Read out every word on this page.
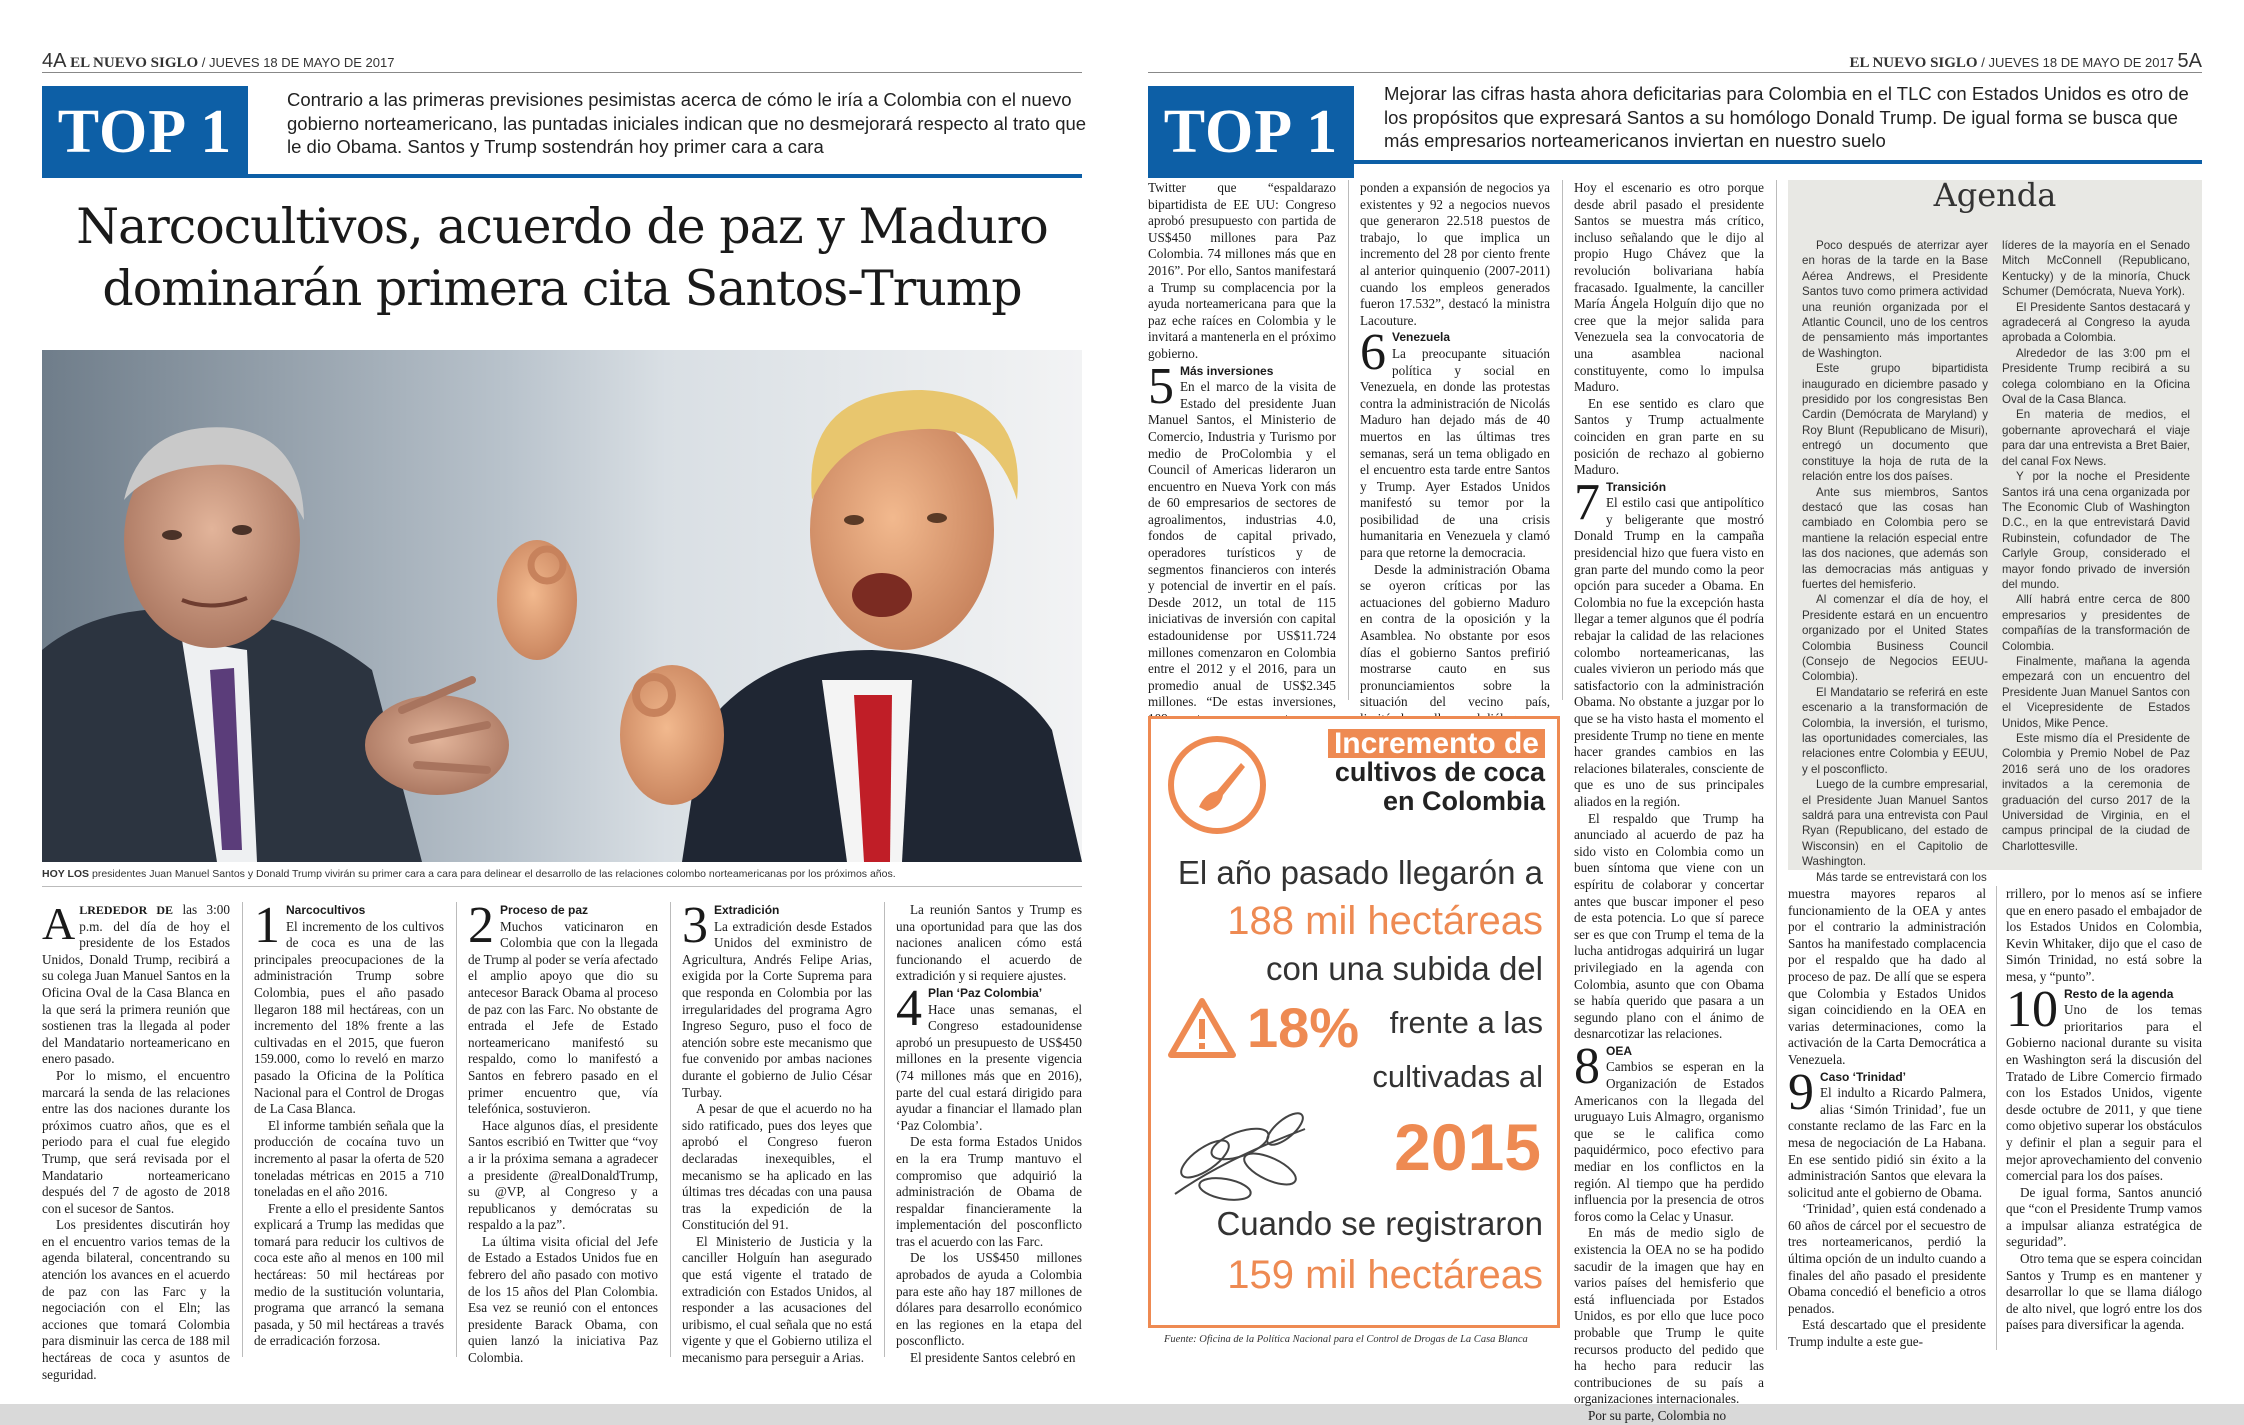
4A EL NUEVO SIGLO / JUEVES 18 DE MAYO DE 2017
TOP 1	Contrario a las primeras previsiones pesimistas acerca de cómo le iría a Colombia con el nuevo gobierno norteamericano, las puntadas iniciales indican que no desmejorará respecto al trato que le dio Obama. Santos y Trump sostendrán hoy primer cara a cara
Narcocultivos, acuerdo de paz y Maduro
dominarán primera cita Santos-Trump
HOY LOS presidentes Juan Manuel Santos y Donald Trump vivirán su primer cara a cara para delinear el desarrollo de las relaciones colombo norteamericanas por los próximos años.

ALREDEDOR DE las 3:00 p.m. del día de hoy el presidente de los Estados Unidos, Donald Trump, recibirá a su colega Juan Manuel Santos en la Oficina Oval de la Casa Blanca en la que será la primera reunión que sostienen tras la llegada al poder del Mandatario norteamericano en enero pasado.

Por lo mismo, el encuentro marcará la senda de las relaciones entre las dos naciones durante los próximos cuatro años, que es el periodo para el cual fue elegido Trump, que será revisada por el Mandatario norteamericano después del 7 de agosto de 2018 con el sucesor de Santos.

Los presidentes discutirán hoy en el encuentro varios temas de la agenda bilateral, concentrando su atención los avances en el acuerdo de paz con las Farc y la negociación con el Eln; las acciones que tomará Colombia para disminuir las cerca de 188 mil hectáreas de coca y asuntos de seguridad.

1 Narcocultivos
El incremento de los cultivos de coca es una de las principales preocupaciones de la administración Trump sobre Colombia, pues el año pasado llegaron 188 mil hectáreas, con un incremento del 18% frente a las cultivadas en el 2015, que fueron 159.000, como lo reveló en marzo pasado la Oficina de la Política Nacional para el Control de Drogas de La Casa Blanca.

El informe también señala que la producción de cocaína tuvo un incremento al pasar la oferta de 520 toneladas métricas en 2015 a 710 toneladas en el año 2016.

Frente a ello el presidente Santos explicará a Trump las medidas que tomará para reducir los cultivos de coca este año al menos en 100 mil hectáreas: 50 mil hectáreas por medio de la sustitución voluntaria, programa que arrancó la semana pasada, y 50 mil hectáreas a través de erradicación forzosa.

2 Proceso de paz
Muchos vaticinaron en Colombia que con la llegada de Trump al poder se vería afectado el amplio apoyo que dio su antecesor Barack Obama al proceso de paz con las Farc. No obstante de entrada el Jefe de Estado norteamericano manifestó su respaldo, como lo manifestó a Santos en febrero pasado en el primer encuentro que, vía telefónica, sostuvieron.

Hace algunos días, el presidente Santos escribió en Twitter que “voy a ir la próxima semana a agradecer a presidente @realDonaldTrump, su @VP, al Congreso y a republicanos y demócratas su respaldo a la paz”.

La última visita oficial del Jefe de Estado a Estados Unidos fue en febrero del año pasado con motivo de los 15 años del Plan Colombia. Esa vez se reunió con el entonces presidente Barack Obama, con quien lanzó la iniciativa Paz Colombia.

3 Extradición
La extradición desde Estados Unidos del exministro de Agricultura, Andrés Felipe Arias, exigida por la Corte Suprema para que responda en Colombia por las irregularidades del programa Agro Ingreso Seguro, puso el foco de atención sobre este mecanismo que fue convenido por ambas naciones durante el gobierno de Julio César Turbay.

A pesar de que el acuerdo no ha sido ratificado, pues dos leyes que aprobó el Congreso fueron declaradas inexequibles, el mecanismo se ha aplicado en las últimas tres décadas con una pausa tras la expedición de la Constitución del 91.

El Ministerio de Justicia y la canciller Holguín han asegurado que está vigente el tratado de extradición con Estados Unidos, al responder a las acusaciones del uribismo, el cual señala que no está vigente y que el Gobierno utiliza el mecanismo para perseguir a Arias.

La reunión Santos y Trump es una oportunidad para que las dos naciones analicen cómo está funcionando el acuerdo de extradición y si requiere ajustes.

4 Plan ‘Paz Colombia’
Hace unas semanas, el Congreso estadounidense aprobó un presupuesto de US$450 millones en la presente vigencia (74 millones más que en 2016), parte del cual estará dirigido para ayudar a financiar el llamado plan ‘Paz Colombia’.

De esta forma Estados Unidos en la era Trump mantuvo el compromiso que adquirió la administración de Obama de respaldar financieramente la implementación del posconflicto tras el acuerdo con las Farc.

De los US$450 millones aprobados de ayuda a Colombia para este año hay 187 millones de dólares para desarrollo económico en las regiones en la etapa del posconflicto.

El presidente Santos celebró en

EL NUEVO SIGLO / JUEVES 18 DE MAYO DE 2017 5A
TOP 1
Mejorar las cifras hasta ahora deficitarias para Colombia en el TLC con Estados Unidos es otro de los propósitos que expresará Santos a su homólogo Donald Trump. De igual forma se busca que más empresarios norteamericanos inviertan en nuestro suelo

Twitter que “espaldarazo bipartidista de EE UU: Congreso aprobó presupuesto con partida de US$450 millones para Paz Colombia. 74 millones más que en 2016”. Por ello, Santos manifestará a Trump su complacencia por la ayuda norteamericana para que la paz eche raíces en Colombia y le invitará a mantenerla en el próximo gobierno.

5 Más inversiones
En el marco de la visita de Estado del presidente Juan Manuel Santos, el Ministerio de Comercio, Industria y Turismo por medio de ProColombia y el Council of Americas lideraron un encuentro en Nueva York con más de 60 empresarios de sectores de agroalimentos, industrias 4.0, fondos de capital privado, operadores turísticos y de segmentos financieros con interés y potencial de invertir en el país. Desde 2012, un total de 115 iniciativas de inversión con capital estadounidense por US$11.724 millones comenzaron en Colombia entre el 2012 y el 2016, para un promedio anual de US$2.345 millones. “De estas inversiones,

ponden a expansión de negocios ya existentes y 92 a negocios nuevos que generaron 22.518 puestos de trabajo, lo que implica un incremento del 28 por ciento frente al anterior quinquenio (2007-2011) cuando los empleos generados fueron 17.532”, destacó la ministra Lacouture.

6 Venezuela
La preocupante situación política y social en Venezuela, en donde las protestas contra la administración de Nicolás Maduro han dejado más de 40 muertos en las últimas tres semanas, será un tema obligado en el encuentro esta tarde entre Santos y Trump. Ayer Estados Unidos manifestó su temor por la posibilidad de una crisis humanitaria en Venezuela y clamó para que retorne la democracia.

Desde la administración Obama se oyeron críticas por las actuaciones del gobierno Maduro en contra de la oposición y la Asamblea. No obstante por esos días el gobierno Santos prefirió mostrarse cauto en sus pronunciamientos sobre la situación del vecino país,

Incremento de
cultivos de coca
en Colombia
El año pasado llegarón a
188 mil hectáreas
con una subida del
18% frente a las
cultivadas al
2015
Cuando se registraron
159 mil hectáreas
Fuente: Oficina de la Política Nacional para el Control de Drogas de La Casa Blanca

Hoy el escenario es otro porque desde abril pasado el presidente Santos se muestra más crítico, incluso señalando que le dijo al propio Hugo Chávez que la revolución bolivariana había fracasado. Igualmente, la canciller María Ángela Holguín dijo que no cree que la mejor salida para Venezuela sea la convocatoria de una asamblea nacional constituyente, como lo impulsa Maduro.

En ese sentido es claro que Santos y Trump actualmente coinciden en gran parte en su posición de rechazo al gobierno Maduro.

7 Transición
El estilo casi que antipolítico y beligerante que mostró Donald Trump en la campaña presidencial hizo que fuera visto en gran parte del mundo como la peor opción para suceder a Obama. En Colombia no fue la excepción hasta llegar a temer algunos que él podría rebajar la calidad de las relaciones colombo norteamericanas, las cuales vivieron un periodo más que satisfactorio con la administración Obama. No obstante a juzgar por lo que se ha visto hasta el momento el presidente Trump no tiene en mente hacer grandes cambios en las relaciones bilaterales, consciente de que es uno de sus principales aliados en la región.

El respaldo que Trump ha anunciado al acuerdo de paz ha sido visto en Colombia como un buen síntoma que viene con un espíritu de colaborar y concertar antes que buscar imponer el peso de esta potencia. Lo que sí parece ser es que con Trump el tema de la lucha antidrogas adquirirá un lugar privilegiado en la agenda con Colombia, asunto que con Obama se había querido que pasara a un segundo plano con el ánimo de desnarcotizar las relaciones.

8 OEA
Cambios se esperan en la Organización de Estados Americanos con la llegada del uruguayo Luis Almagro, organismo que se le califica como paquidérmico, poco efectivo para mediar en los conflictos en la región. Al tiempo que ha perdido influencia por la presencia de otros foros como la Celac y Unasur.

En más de medio siglo de existencia la OEA no se ha podido sacudir de la imagen que hay en varios países del hemisferio que está influenciada por Estados Unidos, es por ello que luce poco probable que Trump le quite recursos producto del pedido que ha hecho para reducir las contribuciones de su país a organizaciones internacionales.

Por su parte, Colombia no

Agenda

Poco después de aterrizar ayer en horas de la tarde en la Base Aérea Andrews, el Presidente Santos tuvo como primera actividad una reunión organizada por el Atlantic Council, uno de los centros de pensamiento más importantes de Washington.

Este grupo bipartidista inaugurado en diciembre pasado y presidido por los congresistas Ben Cardin (Demócrata de Maryland) y Roy Blunt (Republicano de Misuri), entregó un documento que constituye la hoja de ruta de la relación entre los dos países.

Ante sus miembros, Santos destacó que las cosas han cambiado en Colombia pero se mantiene la relación especial entre las dos naciones, que además son las democracias más antiguas y fuertes del hemisferio.

Al comenzar el día de hoy, el Presidente estará en un encuentro organizado por el United States Colombia Business Council (Consejo de Negocios EEUU-Colombia).

El Mandatario se referirá en este escenario a la transformación de Colombia, la inversión, el turismo, las oportunidades comerciales, las relaciones entre Colombia y EEUU, y el posconflicto.

Luego de la cumbre empresarial, el Presidente Juan Manuel Santos saldrá para una entrevista con Paul Ryan (Republicano, del estado de Wisconsin) en el Capitolio de Washington.

Más tarde se entrevistará con los

líderes de la mayoría en el Senado Mitch McConnell (Republicano, Kentucky) y de la minoría, Chuck Schumer (Demócrata, Nueva York).

El Presidente Santos destacará y agradecerá al Congreso la ayuda aprobada a Colombia.

Alrededor de las 3:00 pm el Presidente Trump recibirá a su colega colombiano en la Oficina Oval de la Casa Blanca.

En materia de medios, el gobernante aprovechará el viaje para dar una entrevista a Bret Baier, del canal Fox News.

Y por la noche el Presidente Santos irá una cena organizada por The Economic Club of Washington D.C., en la que entrevistará David Rubinstein, cofundador de The Carlyle Group, considerado el mayor fondo privado de inversión del mundo.

Allí habrá entre cerca de 800 empresarios y presidentes de compañías de la transformación de Colombia.

Finalmente, mañana la agenda empezará con un encuentro del Presidente Juan Manuel Santos con el Vicepresidente de Estados Unidos, Mike Pence.

Este mismo día el Presidente de Colombia y Premio Nobel de Paz 2016 será uno de los oradores invitados a la ceremonia de graduación del curso 2017 de la Universidad de Virginia, en el campus principal de la ciudad de Charlottesville.

muestra mayores reparos al funcionamiento de la OEA y antes por el contrario la administración Santos ha manifestado complacencia por el respaldo que ha dado al proceso de paz. De allí que se espera que Colombia y Estados Unidos sigan coincidiendo en la OEA en varias determinaciones, como la activación de la Carta Democrática a Venezuela.

9 Caso ‘Trinidad’
El indulto a Ricardo Palmera, alias ‘Simón Trinidad’, fue un constante reclamo de las Farc en la mesa de negociación de La Habana. En ese sentido pidió sin éxito a la administración Santos que elevara la solicitud ante el gobierno de Obama.

‘Trinidad’, quien está condenado a 60 años de cárcel por el secuestro de tres norteamericanos, perdió la última opción de un indulto cuando a finales del año pasado el presidente Obama concedió el beneficio a otros penados.

Está descartado que el presidente Trump indulte a este gue-

rrillero, por lo menos así se infiere que en enero pasado el embajador de los Estados Unidos en Colombia, Kevin Whitaker, dijo que el caso de Simón Trinidad, no está sobre la mesa, y “punto”.

10 Resto de la agenda
Uno de los temas prioritarios para el Gobierno nacional durante su visita en Washington será la discusión del Tratado de Libre Comercio firmado con los Estados Unidos, vigente desde octubre de 2011, y que tiene como objetivo superar los obstáculos y definir el plan a seguir para el mejor aprovechamiento del convenio comercial para los dos países.

De igual forma, Santos anunció que “con el Presidente Trump vamos a impulsar alianza estratégica de seguridad”.

Otro tema que se espera coincidan Santos y Trump es en mantener y desarrollar lo que se llama diálogo de alto nivel, que logró entre los dos países para diversificar la agenda.
